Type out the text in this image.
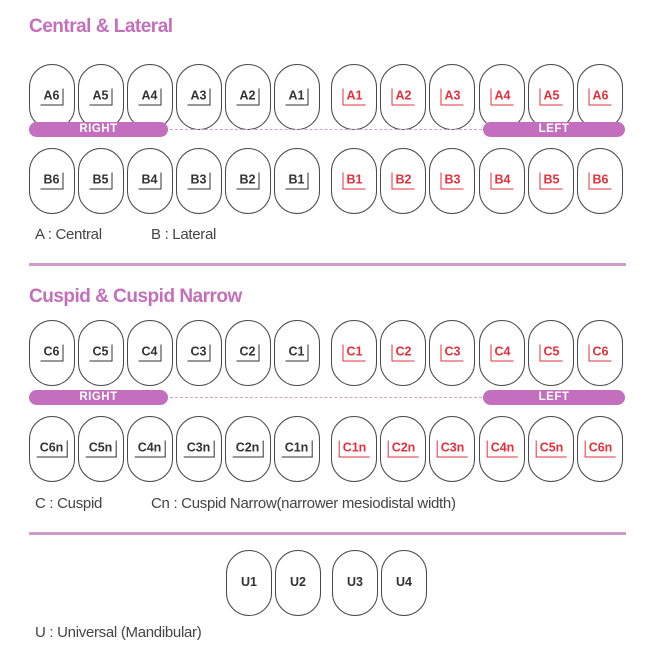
Central & Lateral
A6	A5	A4	A3	A2	A1	A1	A2	A3	A4	A5	A6
RIGHT	LEFT
B6	B5	B4	B3	B2	B1	B1	B2	B3	B4	B5	B6
A : Central	B : Lateral
Cuspid & Cuspid Narrow
C6	C5	C4	C3	C2	C1	C1	C2	C3	C4	C5	C6
RIGHT	LEFT
C6n	C5n	C4n	C3n	C2n	C1n	C1n	C2n	C3n	C4n	C5n	C6n
C : Cuspid	Cn : Cuspid Narrow(narrower mesiodistal width)
U1	U2	U3	U4
U : Universal (Mandibular)
